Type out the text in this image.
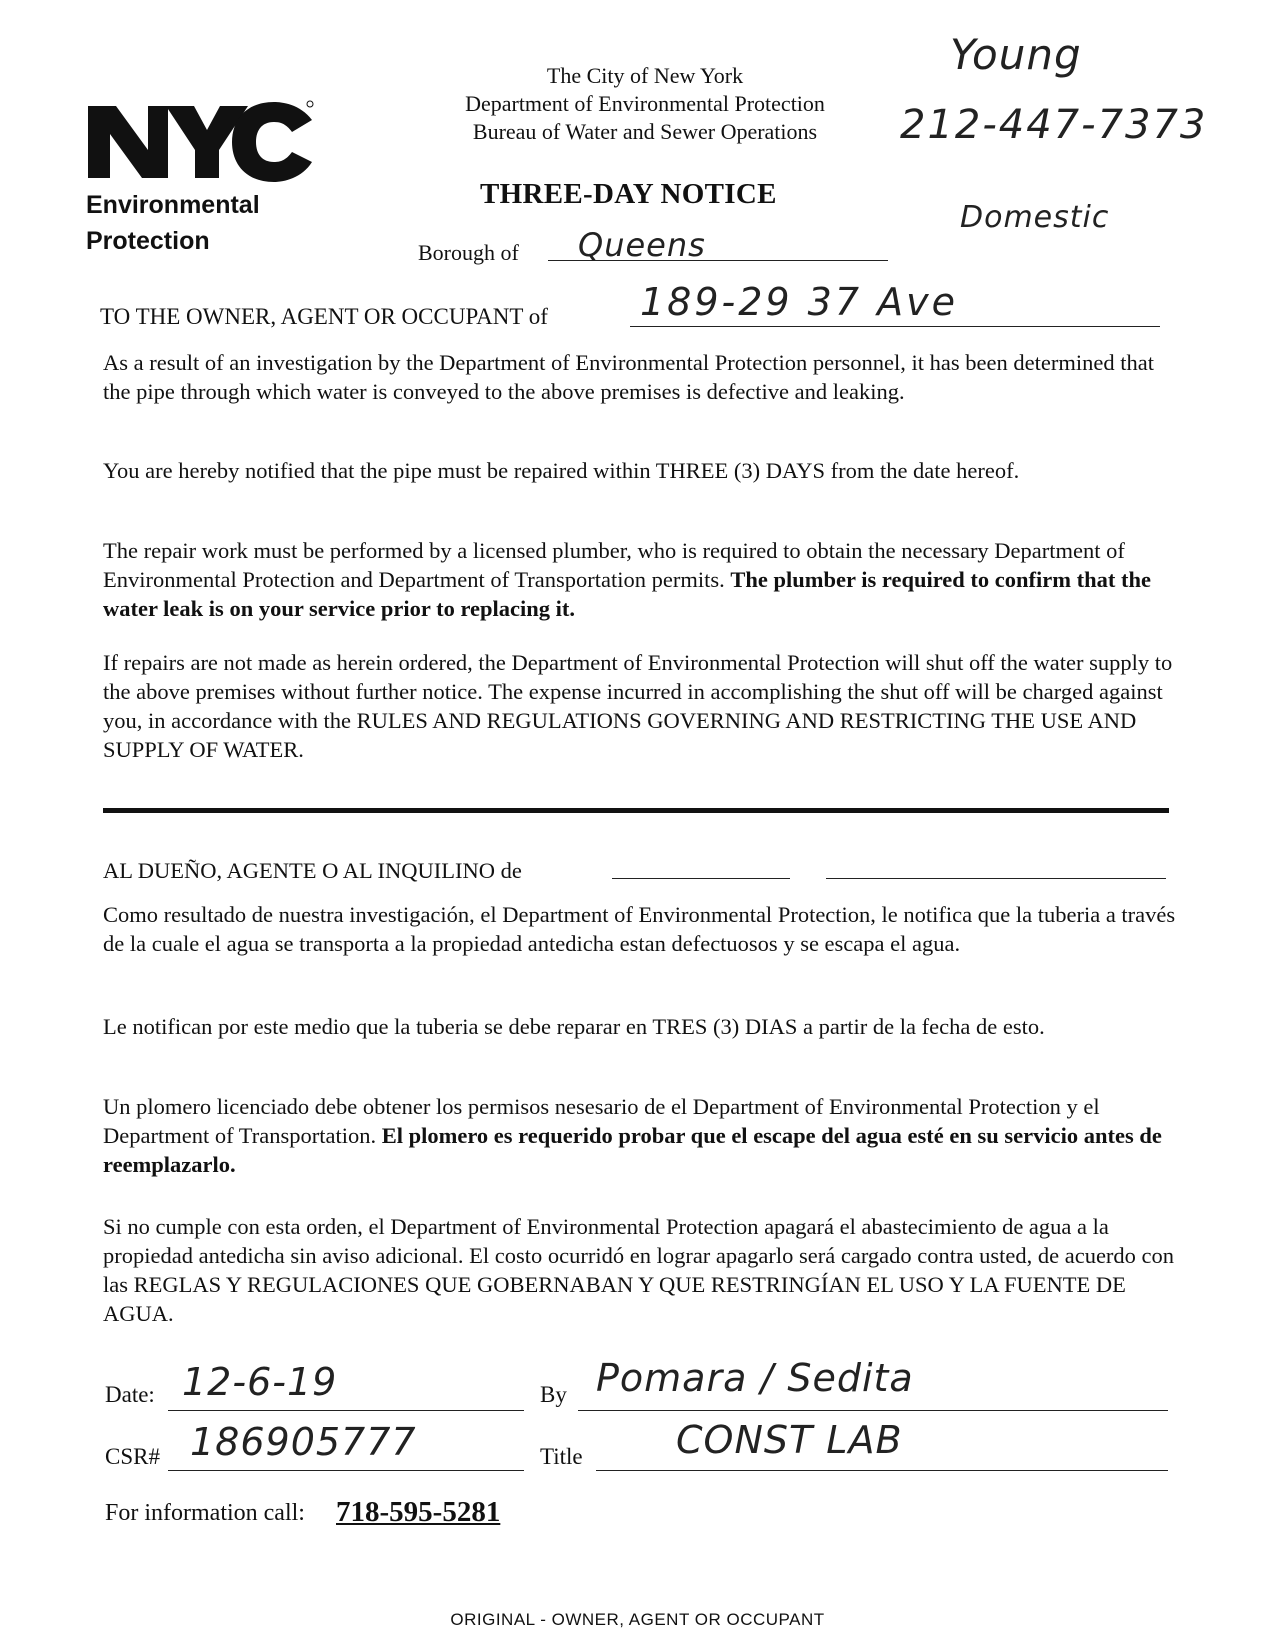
Environmental
Protection
The City of New York
Department of Environmental Protection
Bureau of Water and Sewer Operations
Young
212-447-7373
Domestic
THREE-DAY NOTICE
Borough of Queens
TO THE OWNER, AGENT OR OCCUPANT of 189-29 37 Ave

As a result of an investigation by the Department of Environmental Protection personnel, it has been determined that the pipe through which water is conveyed to the above premises is defective and leaking.

You are hereby notified that the pipe must be repaired within THREE (3) DAYS from the date hereof.

The repair work must be performed by a licensed plumber, who is required to obtain the necessary Department of Environmental Protection and Department of Transportation permits. The plumber is required to confirm that the water leak is on your service prior to replacing it.

If repairs are not made as herein ordered, the Department of Environmental Protection will shut off the water supply to the above premises without further notice. The expense incurred in accomplishing the shut off will be charged against you, in accordance with the RULES AND REGULATIONS GOVERNING AND RESTRICTING THE USE AND SUPPLY OF WATER.

AL DUEÑO, AGENTE O AL INQUILINO de

Como resultado de nuestra investigación, el Department of Environmental Protection, le notifica que la tuberia a través de la cuale el agua se transporta a la propiedad antedicha estan defectuosos y se escapa el agua.

Le notifican por este medio que la tuberia se debe reparar en TRES (3) DIAS a partir de la fecha de esto.

Un plomero licenciado debe obtener los permisos nesesario de el Department of Environmental Protection y el Department of Transportation. El plomero es requerido probar que el escape del agua esté en su servicio antes de reemplazarlo.

Si no cumple con esta orden, el Department of Environmental Protection apagará el abastecimiento de agua a la propiedad antedicha sin aviso adicional. El costo ocurridó en lograr apagarlo será cargado contra usted, de acuerdo con las REGLAS Y REGULACIONES QUE GOBERNABAN Y QUE RESTRINGÍAN EL USO Y LA FUENTE DE AGUA.

Date: 12-6-19	By Pomara / Sedita
CSR# 186905777	Title CONST LAB
For information call: 718-595-5281
ORIGINAL - OWNER, AGENT OR OCCUPANT
